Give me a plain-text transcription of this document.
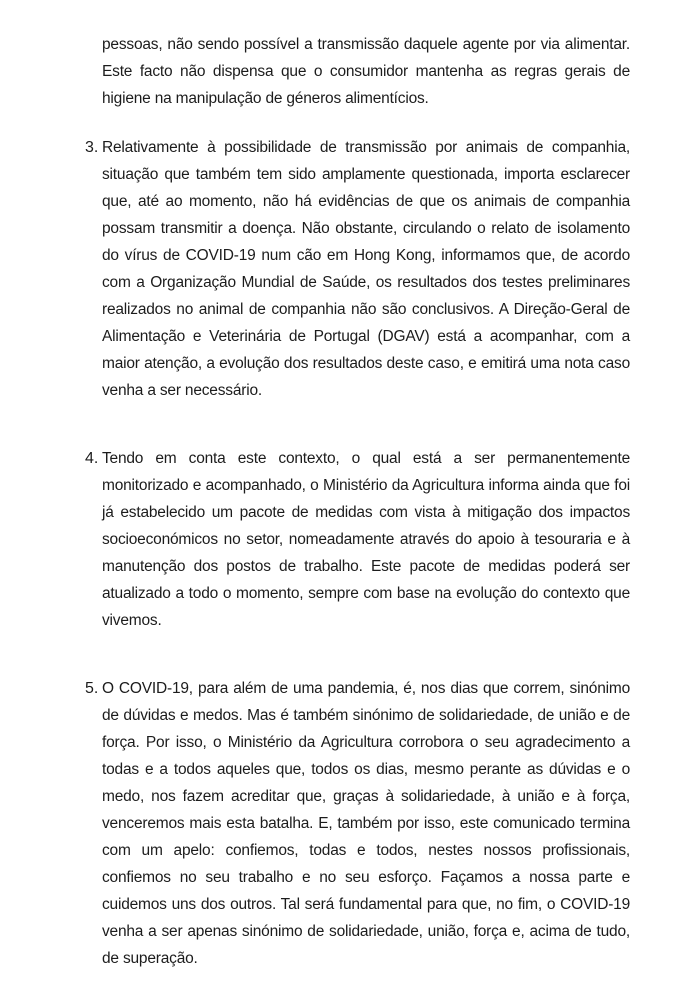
pessoas, não sendo possível a transmissão daquele agente por via alimentar. Este facto não dispensa que o consumidor mantenha as regras gerais de higiene na manipulação de géneros alimentícios.

3. Relativamente à possibilidade de transmissão por animais de companhia, situação que também tem sido amplamente questionada, importa esclarecer que, até ao momento, não há evidências de que os animais de companhia possam transmitir a doença. Não obstante, circulando o relato de isolamento do vírus de COVID-19 num cão em Hong Kong, informamos que, de acordo com a Organização Mundial de Saúde, os resultados dos testes preliminares realizados no animal de companhia não são conclusivos. A Direção-Geral de Alimentação e Veterinária de Portugal (DGAV) está a acompanhar, com a maior atenção, a evolução dos resultados deste caso, e emitirá uma nota caso venha a ser necessário.

4. Tendo em conta este contexto, o qual está a ser permanentemente monitorizado e acompanhado, o Ministério da Agricultura informa ainda que foi já estabelecido um pacote de medidas com vista à mitigação dos impactos socioeconómicos no setor, nomeadamente através do apoio à tesouraria e à manutenção dos postos de trabalho. Este pacote de medidas poderá ser atualizado a todo o momento, sempre com base na evolução do contexto que vivemos.

5. O COVID-19, para além de uma pandemia, é, nos dias que correm, sinónimo de dúvidas e medos. Mas é também sinónimo de solidariedade, de união e de força. Por isso, o Ministério da Agricultura corrobora o seu agradecimento a todas e a todos aqueles que, todos os dias, mesmo perante as dúvidas e o medo, nos fazem acreditar que, graças à solidariedade, à união e à força, venceremos mais esta batalha. E, também por isso, este comunicado termina com um apelo: confiemos, todas e todos, nestes nossos profissionais, confiemos no seu trabalho e no seu esforço. Façamos a nossa parte e cuidemos uns dos outros. Tal será fundamental para que, no fim, o COVID-19 venha a ser apenas sinónimo de solidariedade, união, força e, acima de tudo, de superação.
